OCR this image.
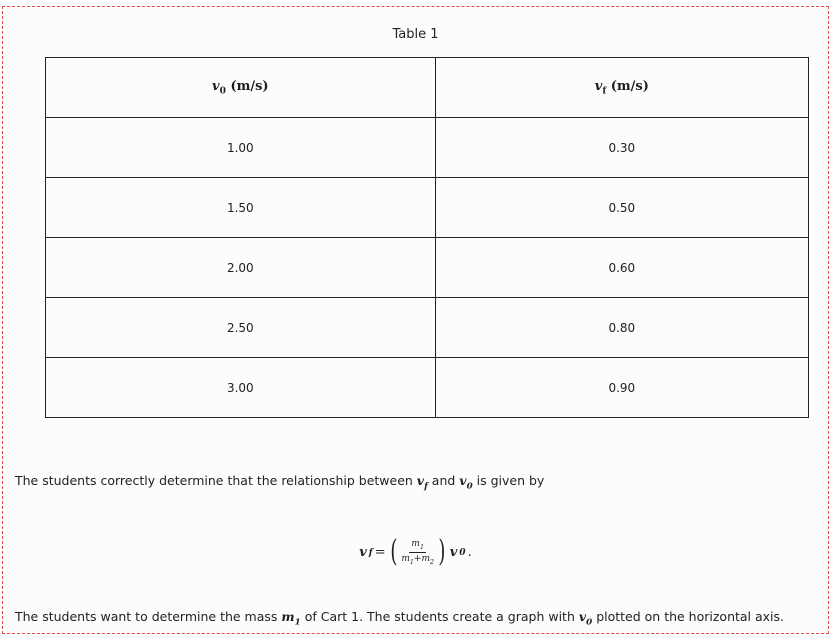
Table 1
$v_0$ (m/s)	$v_f$ (m/s)
1.00	0.30
1.50	0.50
2.00	0.60
2.50	0.80
3.00	0.90
The students correctly determine that the relationship between $v_f$ and $v_0$ is given by
v f = ( $\frac{m_1}{m_1+m_2}$ ) v 0 .
The students want to determine the mass $m_1$ of Cart 1. The students create a graph with $v_0$ plotted on the horizontal axis.
